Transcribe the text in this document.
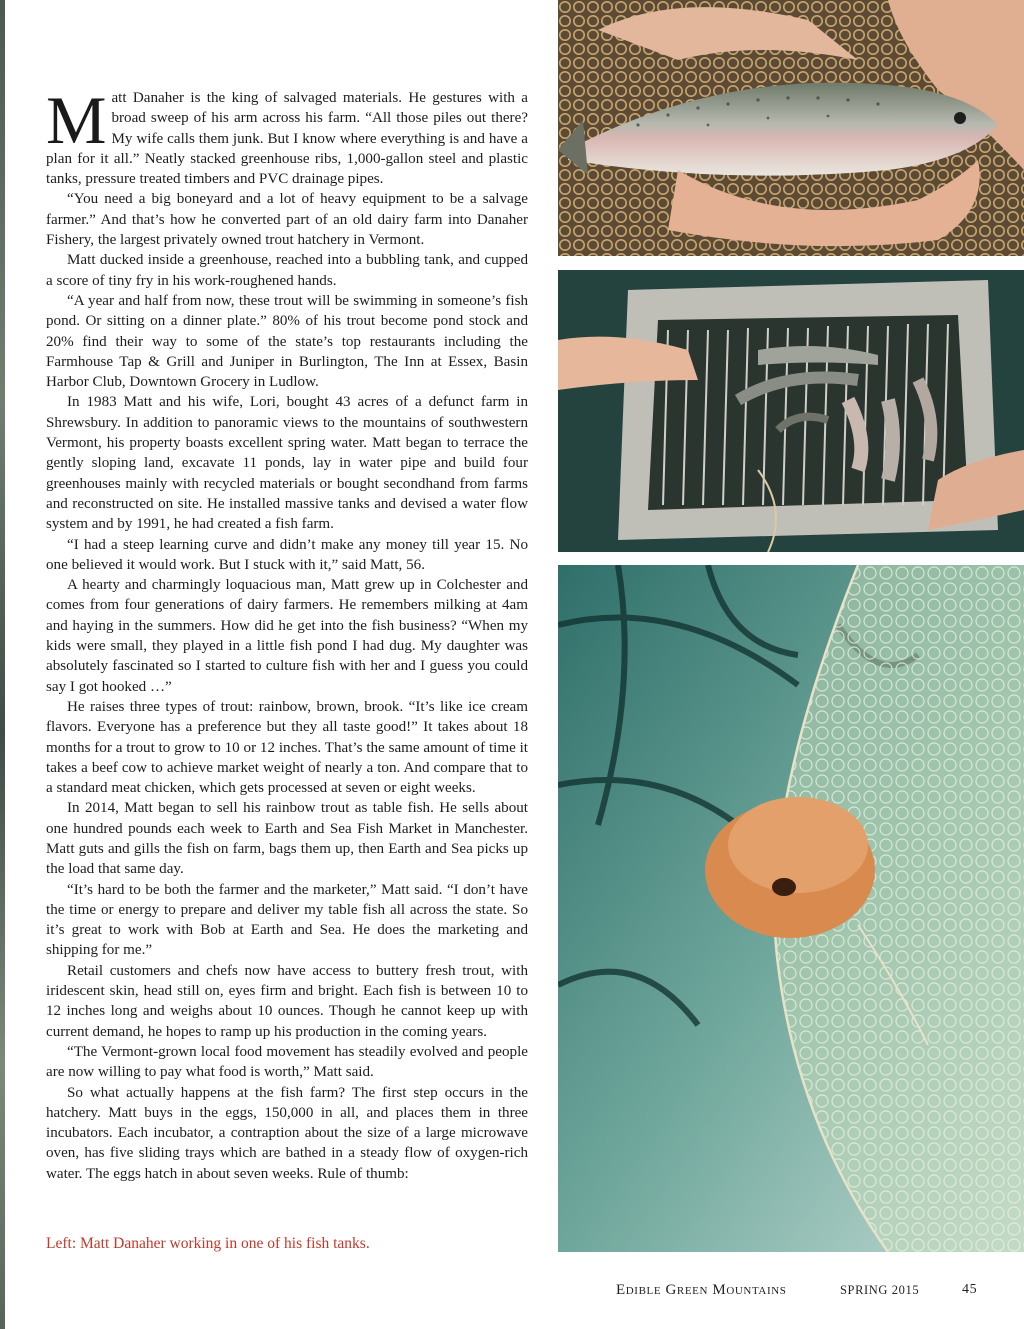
Matt Danaher is the king of salvaged materials. He gestures with a broad sweep of his arm across his farm. “All those piles out there? My wife calls them junk. But I know where everything is and have a plan for it all.” Neatly stacked greenhouse ribs, 1,000-gallon steel and plastic tanks, pressure treated timbers and PVC drainage pipes.

“You need a big boneyard and a lot of heavy equipment to be a salvage farmer.” And that’s how he converted part of an old dairy farm into Danaher Fishery, the largest privately owned trout hatchery in Vermont.

Matt ducked inside a greenhouse, reached into a bubbling tank, and cupped a score of tiny fry in his work-roughened hands.

“A year and half from now, these trout will be swimming in someone’s fish pond. Or sitting on a dinner plate.” 80% of his trout become pond stock and 20% find their way to some of the state’s top restaurants including the Farmhouse Tap & Grill and Juniper in Burlington, The Inn at Essex, Basin Harbor Club, Downtown Grocery in Ludlow.

In 1983 Matt and his wife, Lori, bought 43 acres of a defunct farm in Shrewsbury. In addition to panoramic views to the mountains of southwestern Vermont, his property boasts excellent spring water. Matt began to terrace the gently sloping land, excavate 11 ponds, lay in water pipe and build four greenhouses mainly with recycled materials or bought secondhand from farms and reconstructed on site. He installed massive tanks and devised a water flow system and by 1991, he had created a fish farm.

“I had a steep learning curve and didn’t make any money till year 15. No one believed it would work. But I stuck with it,” said Matt, 56.

A hearty and charmingly loquacious man, Matt grew up in Colchester and comes from four generations of dairy farmers. He remembers milking at 4am and haying in the summers. How did he get into the fish business? “When my kids were small, they played in a little fish pond I had dug. My daughter was absolutely fascinated so I started to culture fish with her and I guess you could say I got hooked …”

He raises three types of trout: rainbow, brown, brook. “It’s like ice cream flavors. Everyone has a preference but they all taste good!” It takes about 18 months for a trout to grow to 10 or 12 inches. That’s the same amount of time it takes a beef cow to achieve market weight of nearly a ton. And compare that to a standard meat chicken, which gets processed at seven or eight weeks.

In 2014, Matt began to sell his rainbow trout as table fish. He sells about one hundred pounds each week to Earth and Sea Fish Market in Manchester. Matt guts and gills the fish on farm, bags them up, then Earth and Sea picks up the load that same day.

“It’s hard to be both the farmer and the marketer,” Matt said. “I don’t have the time or energy to prepare and deliver my table fish all across the state. So it’s great to work with Bob at Earth and Sea. He does the marketing and shipping for me.”

Retail customers and chefs now have access to buttery fresh trout, with iridescent skin, head still on, eyes firm and bright. Each fish is between 10 to 12 inches long and weighs about 10 ounces. Though he cannot keep up with current demand, he hopes to ramp up his production in the coming years.

“The Vermont-grown local food movement has steadily evolved and people are now willing to pay what food is worth,” Matt said.

So what actually happens at the fish farm? The first step occurs in the hatchery. Matt buys in the eggs, 150,000 in all, and places them in three incubators. Each incubator, a contraption about the size of a large microwave oven, has five sliding trays which are bathed in a steady flow of oxygen-rich water. The eggs hatch in about seven weeks. Rule of thumb:

Left: Matt Danaher working in one of his fish tanks.
Edible Green Mountains	SPRING 2015	45
